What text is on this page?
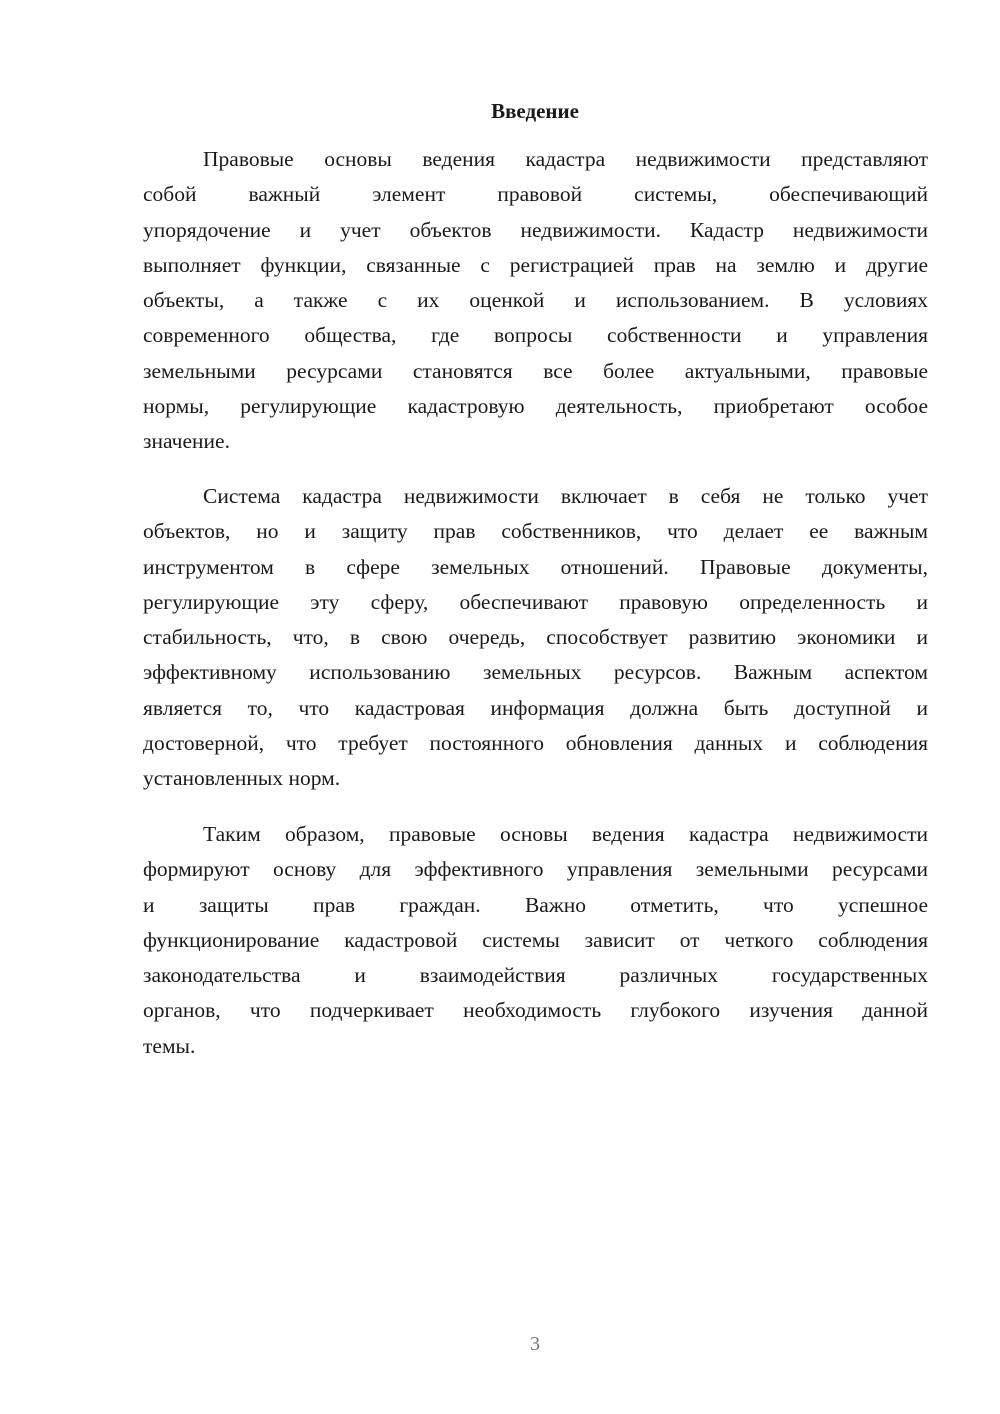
Введение
Правовые основы ведения кадастра недвижимости представляют
собой важный элемент правовой системы, обеспечивающий
упорядочение и учет объектов недвижимости. Кадастр недвижимости
выполняет функции, связанные с регистрацией прав на землю и другие
объекты, а также с их оценкой и использованием. В условиях
современного общества, где вопросы собственности и управления
земельными ресурсами становятся все более актуальными, правовые
нормы, регулирующие кадастровую деятельность, приобретают особое
значение.
Система кадастра недвижимости включает в себя не только учет
объектов, но и защиту прав собственников, что делает ее важным
инструментом в сфере земельных отношений. Правовые документы,
регулирующие эту сферу, обеспечивают правовую определенность и
стабильность, что, в свою очередь, способствует развитию экономики и
эффективному использованию земельных ресурсов. Важным аспектом
является то, что кадастровая информация должна быть доступной и
достоверной, что требует постоянного обновления данных и соблюдения
установленных норм.
Таким образом, правовые основы ведения кадастра недвижимости
формируют основу для эффективного управления земельными ресурсами
и защиты прав граждан. Важно отметить, что успешное
функционирование кадастровой системы зависит от четкого соблюдения
законодательства и взаимодействия различных государственных
органов, что подчеркивает необходимость глубокого изучения данной
темы.
3
